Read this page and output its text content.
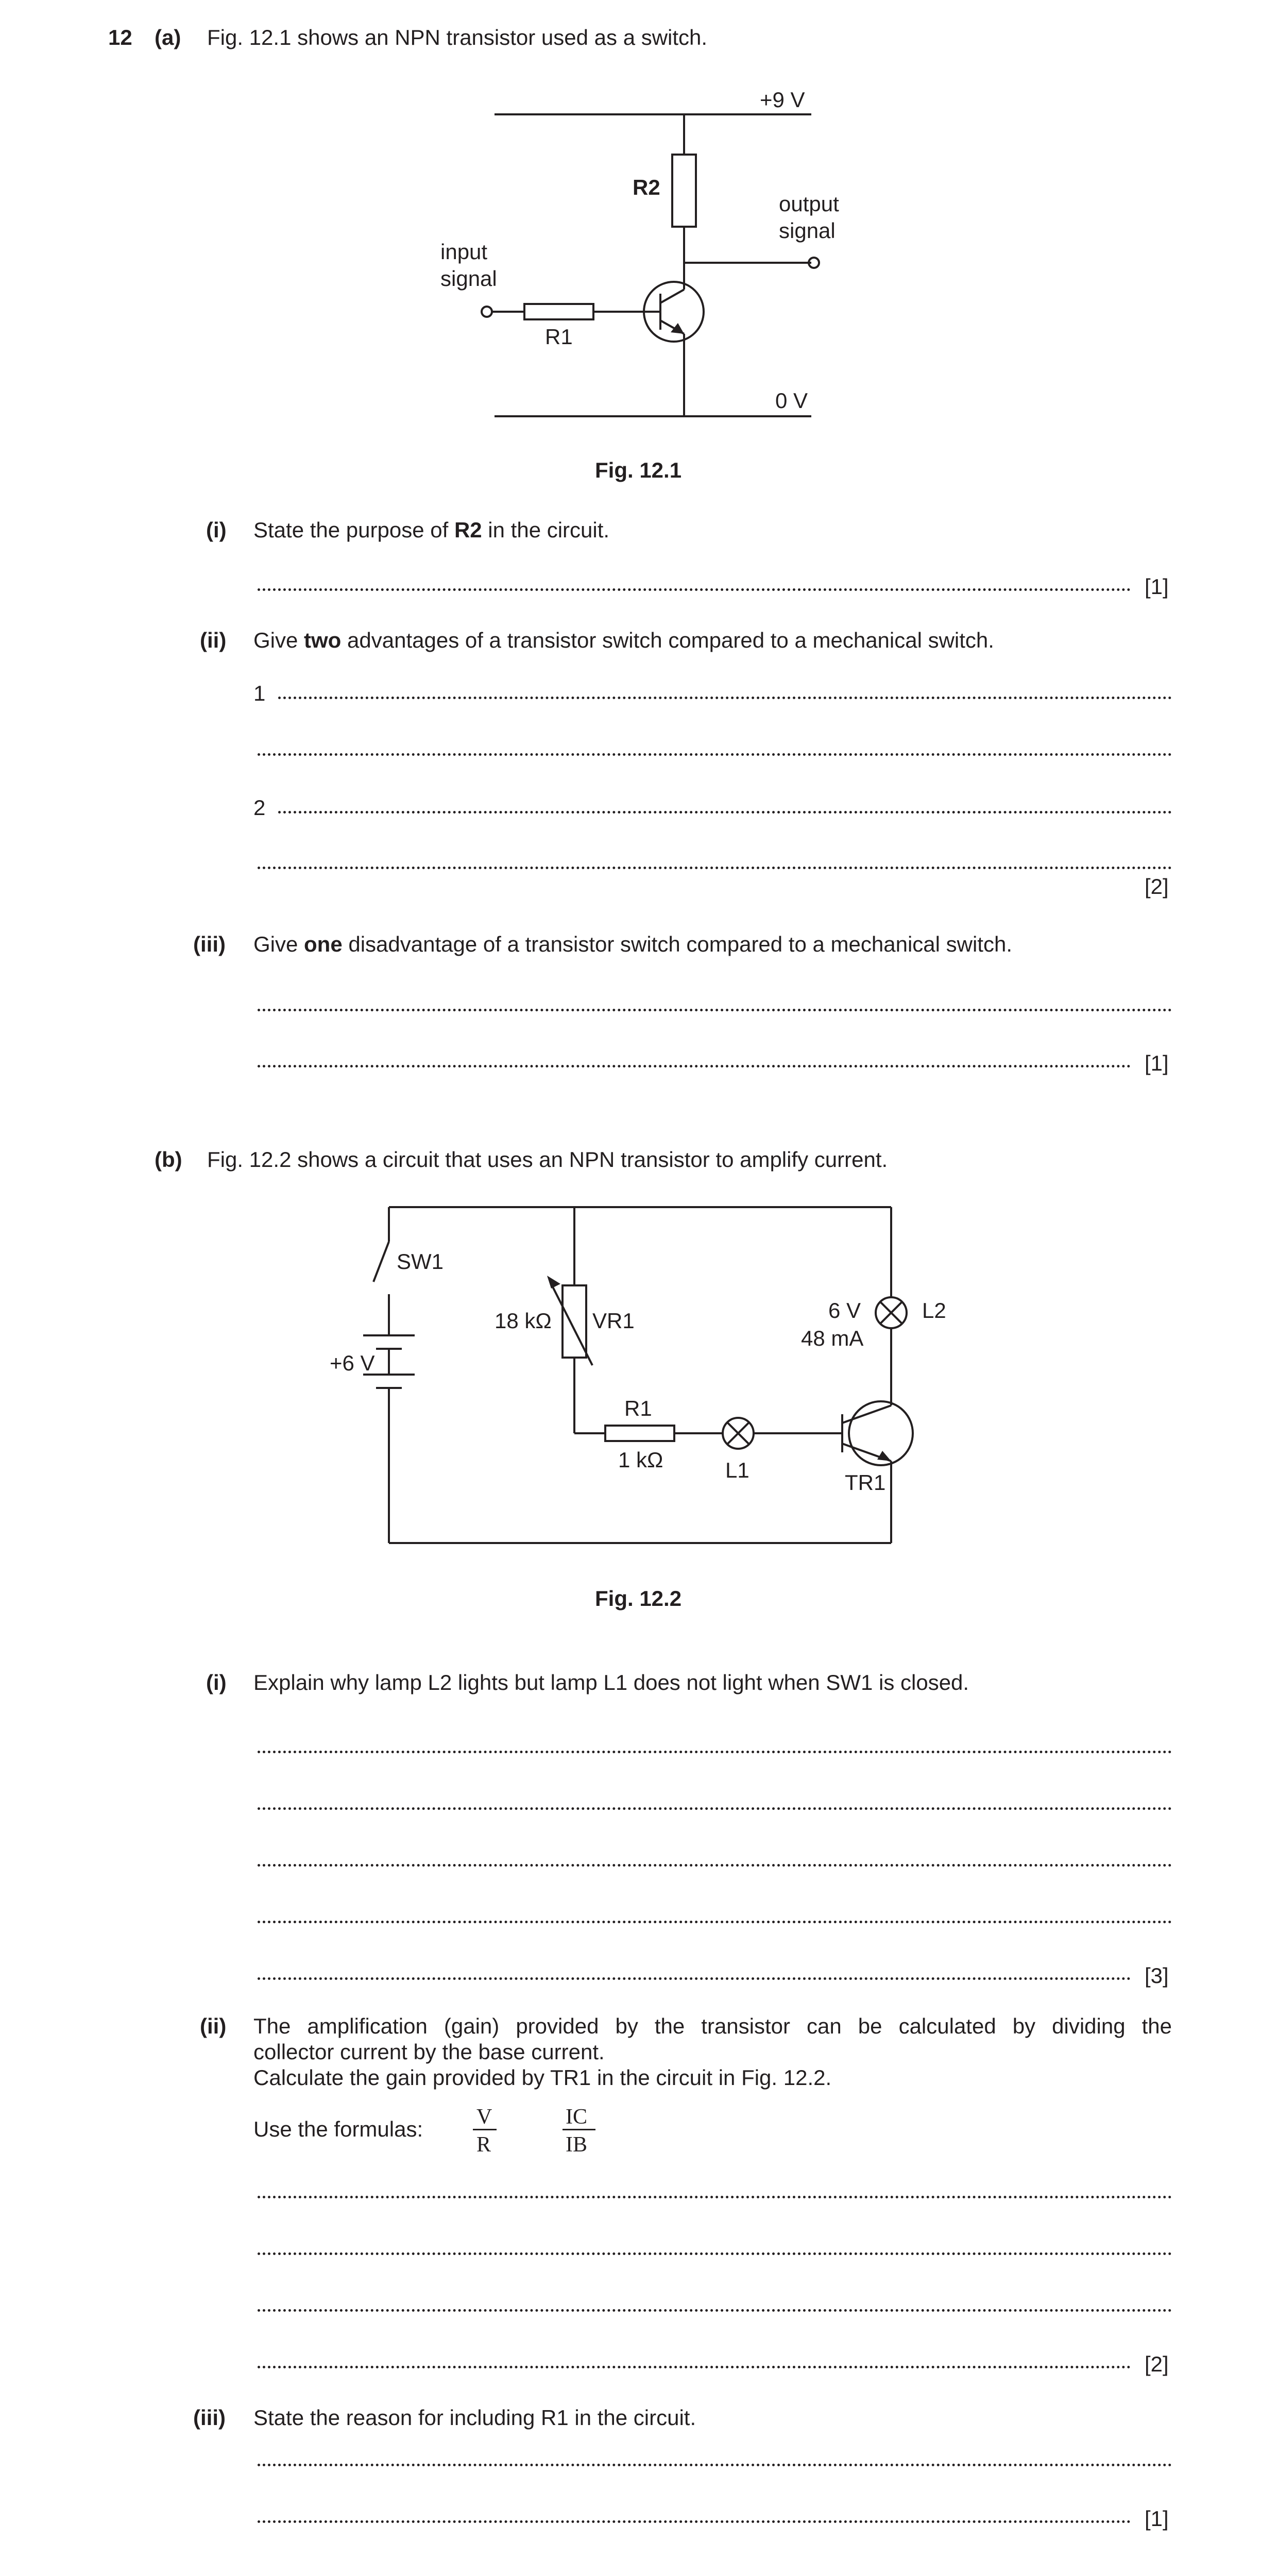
12 (a) Fig. 12.1 shows an NPN transistor used as a switch.
+9 V
R2
output
signal
input
signal
R1
0 V
Fig. 12.1
(i) State the purpose of R2 in the circuit.
[1]
(ii) Give two advantages of a transistor switch compared to a mechanical switch.
1
2
[2]
(iii) Give one disadvantage of a transistor switch compared to a mechanical switch.
[1]
(b) Fig. 12.2 shows a circuit that uses an NPN transistor to amplify current.
SW1
18 kΩ VR1	6 V
48 mA
L2
+6 V
R1
1 kΩ	L1
TR1
Fig. 12.2
(i) Explain why lamp L2 lights but lamp L1 does not light when SW1 is closed.
[3]
(ii) The amplification (gain) provided by the transistor can be calculated by dividing the
collector current by the base current.
Calculate the gain provided by TR1 in the circuit in Fig. 12.2.
Use the formulas: V
R
IC
IB
[2]
(iii) State the reason for including R1 in the circuit.
[1]
